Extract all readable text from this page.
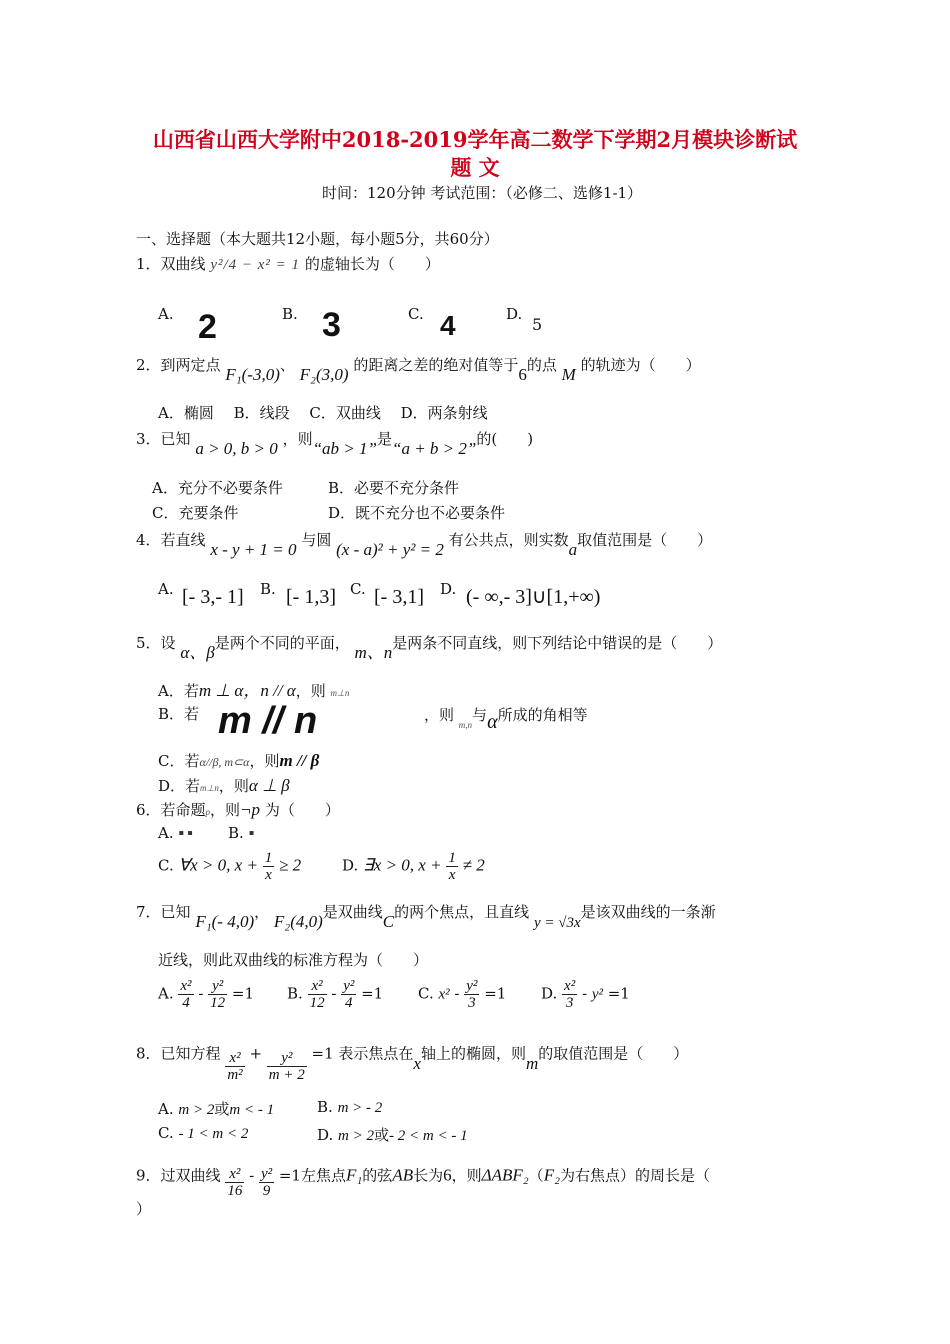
山西省山西大学附中2018-2019学年高二数学下学期2月模块诊断试
题 文
时间：120分钟 考试范围：（必修二、选修1-1）
一、选择题（本大题共12小题，每小题5分，共60分）
1．双曲线 y²/4 − x² = 1 的虚轴长为（　　）
A. 2	B. 3	C. 4	D.
5
2．到两定点 F₁(-3,0)、 F₂(3,0) 的距离之差的绝对值等于6的点 M 的轨迹为（　　）
A．椭圆　 B．线段　 C．双曲线　 D．两条射线
3．已知 a > 0, b > 0 ，则“ab > 1”是“a + b > 2”的(　　)
A．充分不必要条件	B．必要不充分条件
C．充要条件	D．既不充分也不必要条件
4．若直线 x - y + 1 = 0 与圆 (x - a)² + y² = 2 有公共点，则实数a取值范围是（　　）
A. [- 3,- 1] B. [- 1,3] C. [- 3,1] D. (- ∞,- 3]∪[1,+∞)
5．设 α、β是两个不同的平面， m、n是两条不同直线，则下列结论中错误的是（　　）
A．若m ⊥ α，n // α，则 m⊥n
B．若 m // n	，则 $_{m,n}$与α所成的角相等
C．若α//β, m⊂α，则m // β
D．若m⊥n，则α ⊥ β
6．若命题p，则¬p 为（　　）
A. ▪▪ B. ▪
C. ∀x > 0, $x + \frac{1}{x} \ge 2$	D. ∃x > 0, $x + \frac{1}{x} \ne 2$
7．已知 F₁(- 4,0)， F₂(4,0)是双曲线C的两个焦点，且直线 y = √3x是该双曲线的一条渐
近线，则此双曲线的标准方程为（　　）
A. $\frac{\text{x²}}{4} - \frac{\text{y²}}{12} =1$ B. $\frac{\text{x²}}{12} - \frac{\text{y²}}{4} =1$ C. $x^2 - \frac{\text{y²}}{3} =1$ D. $\frac{\text{x²}}{3} - y^2 =1$
8．已知方程 $\frac{\text{x²}}{\text{m²}} + \frac{\text{y²}}{m + 2} =1$ 表示焦点在x轴上的椭圆，则m的取值范围是（　　）
A. m > 2或m < - 1	B. m > - 2
C. - 1 < m < 2	D. m > 2或- 2 < m < - 1
9．过双曲线 $\frac{\text{x²}}{16} - \frac{\text{y²}}{9} =1$左焦点F₁的弦AB长为6，则ΔABF₂（F₂为右焦点）的周长是（
）
